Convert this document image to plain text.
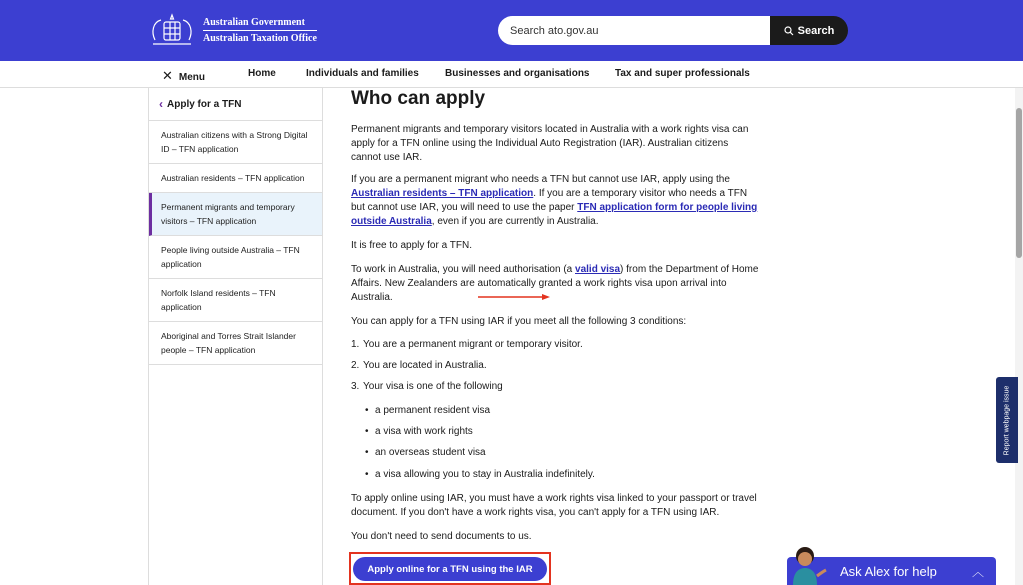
Australian Government
Australian Taxation Office
Search ato.gov.au
Search
✕ Menu	Home	Individuals and families	Businesses and organisations	Tax and super professionals
‹ Apply for a TFN
Australian citizens with a Strong Digital ID – TFN application
Australian residents – TFN application
Permanent migrants and temporary visitors – TFN application
People living outside Australia – TFN application
Norfolk Island residents – TFN application
Aboriginal and Torres Strait Islander people – TFN application
Who can apply

Permanent migrants and temporary visitors located in Australia with a work rights visa can apply for a TFN online using the Individual Auto Registration (IAR). Australian citizens cannot use IAR.

If you are a permanent migrant who needs a TFN but cannot use IAR, apply using the Australian residents – TFN application. If you are a temporary visitor who needs a TFN but cannot use IAR, you will need to use the paper TFN application form for people living outside Australia, even if you are currently in Australia.

It is free to apply for a TFN.

To work in Australia, you will need authorisation (a valid visa) from the Department of Home Affairs. New Zealanders are automatically granted a work rights visa upon arrival into Australia.

You can apply for a TFN using IAR if you meet all the following 3 conditions:

1. You are a permanent migrant or temporary visitor.
2. You are located in Australia.
3. Your visa is one of the following
• a permanent resident visa
• a visa with work rights
• an overseas student visa
• a visa allowing you to stay in Australia indefinitely.

To apply online using IAR, you must have a work rights visa linked to your passport or travel document. If you don't have a work rights visa, you can't apply for a TFN using IAR.

You don't need to send documents to us.

Apply online for a TFN using the IAR
Report webpage issue
Ask Alex for help	︿
